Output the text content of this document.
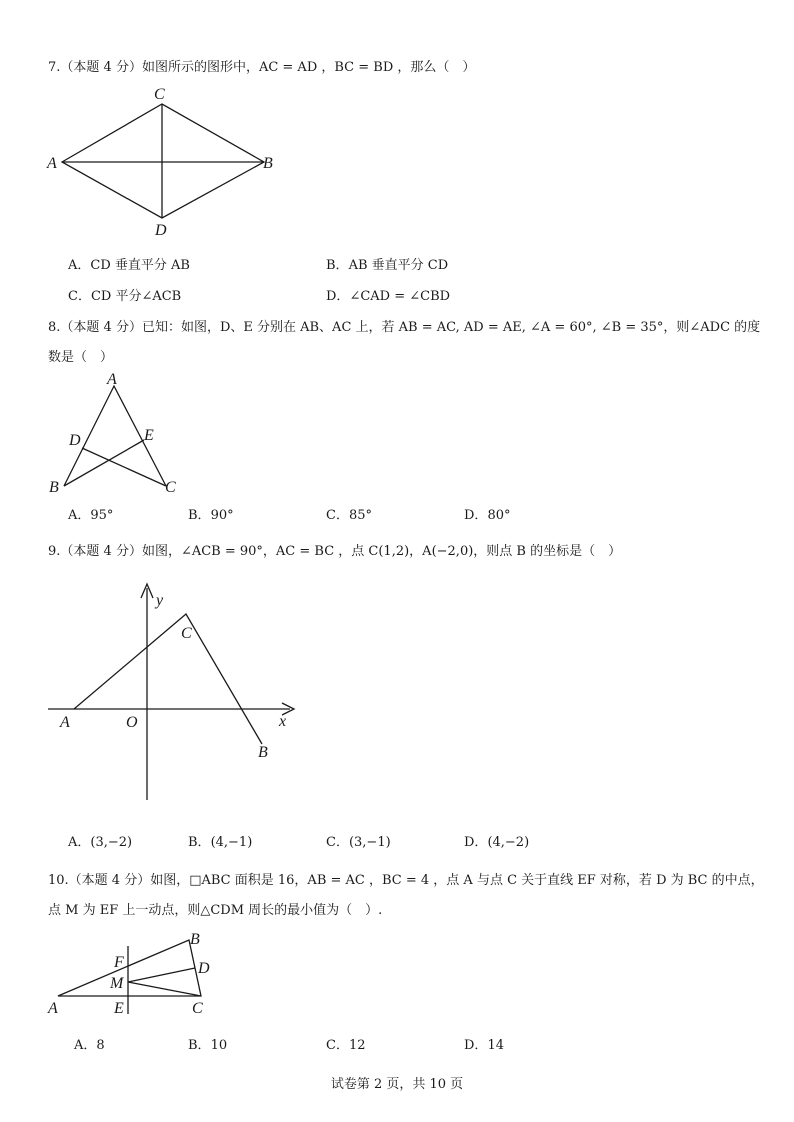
7.（本题 4 分）如图所示的图形中，AC = AD ，BC = BD ，那么（　）
C
A	B
D
A．CD 垂直平分 AB	B．AB 垂直平分 CD
C．CD 平分∠ACB	D．∠CAD = ∠CBD
8.（本题 4 分）已知：如图，D、E 分别在 AB、AC 上，若 AB = AC, AD = AE, ∠A = 60°, ∠B = 35°，则∠ADC 的度
数是（　）
A
D	E
B	C
A．95°	B．90°	C．85°	D．80°
9.（本题 4 分）如图，∠ACB = 90°，AC = BC ，点 C(1,2)，A(−2,0)，则点 B 的坐标是（　）
y
x
C
A	O
B
A．(3,−2)	B．(4,−1)	C．(3,−1)	D．(4,−2)
10.（本题 4 分）如图，□ABC 面积是 16，AB = AC ，BC = 4 ，点 A 与点 C 关于直线 EF 对称，若 D 为 BC 的中点，
点 M 为 EF 上一动点，则△CDM 周长的最小值为（　）.
B
F	D
M
A	E	C
A．8	B．10	C．12	D．14
试卷第 2 页，共 10 页
